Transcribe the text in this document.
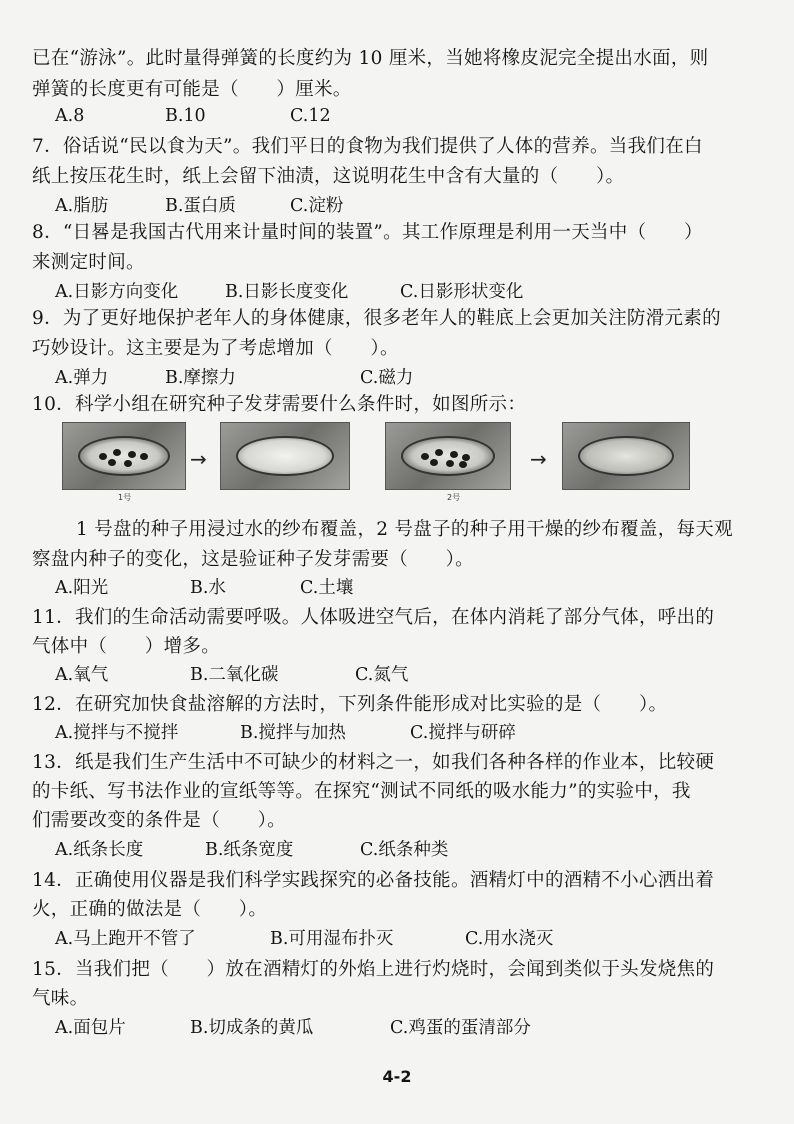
已在“游泳”。此时量得弹簧的长度约为 10 厘米，当她将橡皮泥完全提出水面，则
弹簧的长度更有可能是（　　）厘米。
A.8	B.10	C.12
7．俗话说“民以食为天”。我们平日的食物为我们提供了人体的营养。当我们在白
纸上按压花生时，纸上会留下油渍，这说明花生中含有大量的（　　）。
A.脂肪	B.蛋白质	C.淀粉
8．“日晷是我国古代用来计量时间的装置”。其工作原理是利用一天当中（　　）
来测定时间。
A.日影方向变化	B.日影长度变化	C.日影形状变化
9．为了更好地保护老年人的身体健康，很多老年人的鞋底上会更加关注防滑元素的
巧妙设计。这主要是为了考虑增加（　　）。
A.弹力	B.摩擦力	C.磁力
10．科学小组在研究种子发芽需要什么条件时，如图所示：
→	→
1号	2号
1 号盘的种子用浸过水的纱布覆盖，2 号盘子的种子用干燥的纱布覆盖，每天观
察盘内种子的变化，这是验证种子发芽需要（　　）。
A.阳光	B.水	C.土壤
11．我们的生命活动需要呼吸。人体吸进空气后，在体内消耗了部分气体，呼出的
气体中（　　）增多。
A.氧气	B.二氧化碳	C.氮气
12．在研究加快食盐溶解的方法时，下列条件能形成对比实验的是（　　）。
A.搅拌与不搅拌	B.搅拌与加热	C.搅拌与研碎
13．纸是我们生产生活中不可缺少的材料之一，如我们各种各样的作业本，比较硬
的卡纸、写书法作业的宣纸等等。在探究“测试不同纸的吸水能力”的实验中，我
们需要改变的条件是（　　）。
A.纸条长度	B.纸条宽度	C.纸条种类
14．正确使用仪器是我们科学实践探究的必备技能。酒精灯中的酒精不小心洒出着
火，正确的做法是（　　）。
A.马上跑开不管了	B.可用湿布扑灭	C.用水浇灭
15．当我们把（　　）放在酒精灯的外焰上进行灼烧时，会闻到类似于头发烧焦的
气味。
A.面包片	B.切成条的黄瓜	C.鸡蛋的蛋清部分
4-2
